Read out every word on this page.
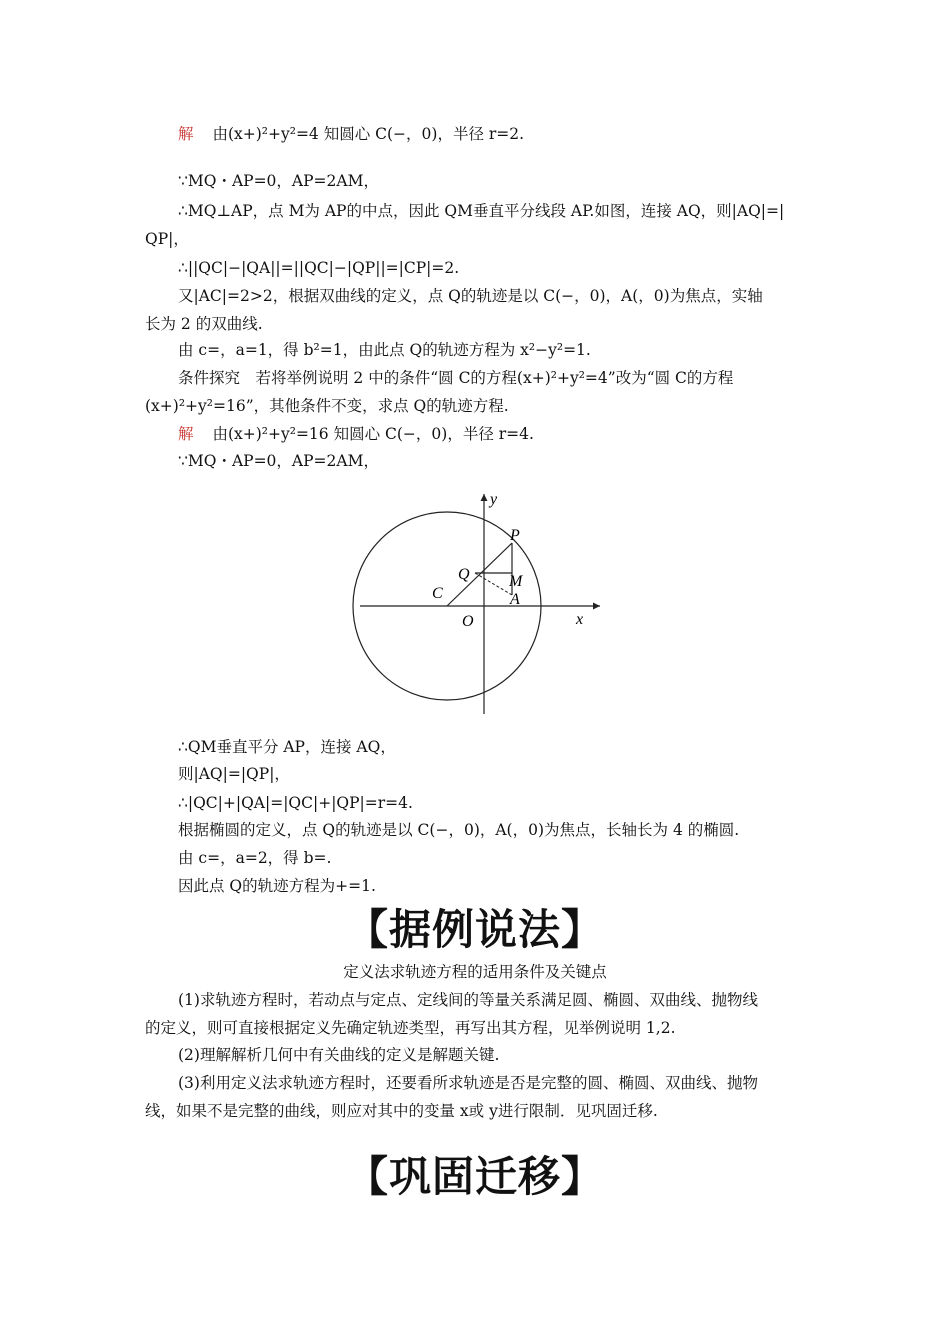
解 由(x+)²+y²=4 知圆心 C(−，0)，半径 r=2.
∵MQ・AP=0，AP=2AM，
∴MQ⊥AP，点 M为 AP的中点，因此 QM垂直平分线段 AP.如图，连接 AQ，则|AQ|=|
QP|，
∴||QC|−|QA||=||QC|−|QP||=|CP|=2.
又|AC|=2>2，根据双曲线的定义，点 Q的轨迹是以 C(−，0)，A(，0)为焦点，实轴
长为 2 的双曲线.
由 c=，a=1，得 b²=1，由此点 Q的轨迹方程为 x²−y²=1.
条件探究　若将举例说明 2 中的条件“圆 C的方程(x+)²+y²=4”改为“圆 C的方程
(x+)²+y²=16”，其他条件不变，求点 Q的轨迹方程.
解 由(x+)²+y²=16 知圆心 C(−，0)，半径 r=4.
∵MQ・AP=0，AP=2AM，
P
Q M
A
C
O	x
y
∴QM垂直平分 AP，连接 AQ，
则|AQ|=|QP|，
∴|QC|+|QA|=|QC|+|QP|=r=4.
根据椭圆的定义，点 Q的轨迹是以 C(−，0)，A(，0)为焦点，长轴长为 4 的椭圆.
由 c=，a=2，得 b=.
因此点 Q的轨迹方程为+=1.
【据例说法】
定义法求轨迹方程的适用条件及关键点
(1)求轨迹方程时，若动点与定点、定线间的等量关系满足圆、椭圆、双曲线、抛物线
的定义，则可直接根据定义先确定轨迹类型，再写出其方程，见举例说明 1,2.
(2)理解解析几何中有关曲线的定义是解题关键.
(3)利用定义法求轨迹方程时，还要看所求轨迹是否是完整的圆、椭圆、双曲线、抛物
线，如果不是完整的曲线，则应对其中的变量 x或 y进行限制．见巩固迁移.
【巩固迁移】
